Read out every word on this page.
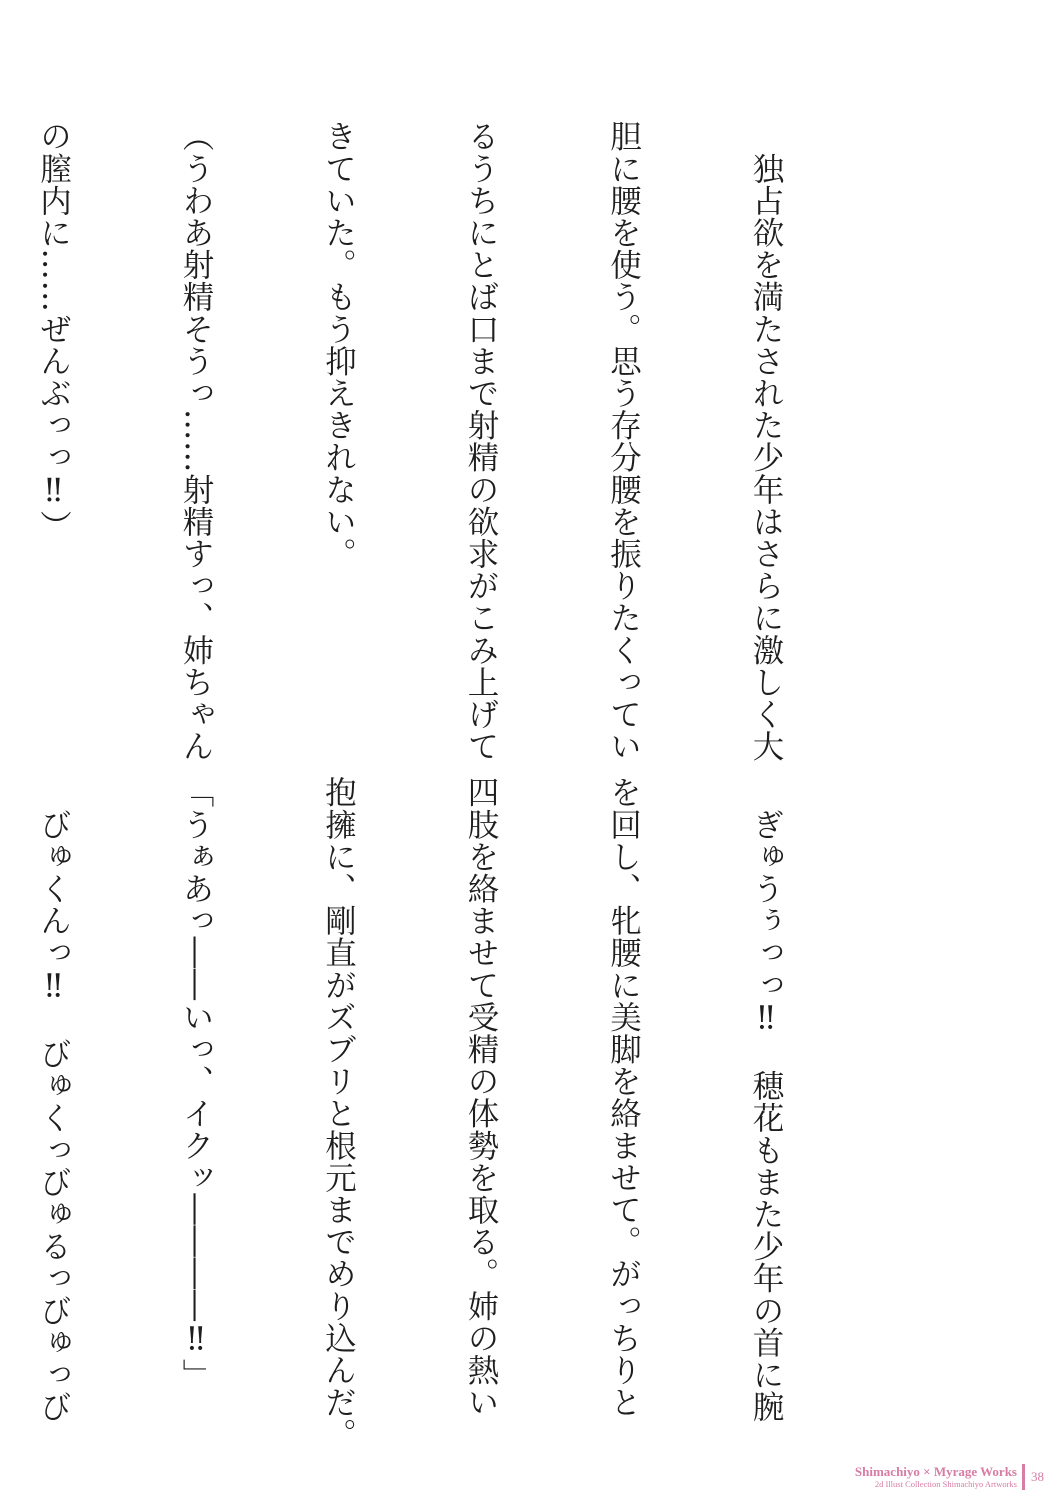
　独占欲を満たされた少年はさらに激しく大

胆に腰を使う。思う存分腰を振りたくってい

るうちにとば口まで射精の欲求がこみ上げて

きていた。もう抑えきれない。

（うわあ射精そうっ……射精すっ、姉ちゃん

の膣内に……ぜんぶっっ‼）

　ぎゅうぅっっ‼　穂花もまた少年の首に腕

を回し、牝腰に美脚を絡ませて。がっちりと

四肢を絡ませて受精の体勢を取る。姉の熱い

抱擁に、剛直がズブリと根元までめり込んだ。

「うぁあっ――いっ、イクッ――――‼」

　びゅくんっ‼　びゅくっびゅるっびゅっび

Shimachiyo × Myrage Works
2d Illust Collection Shimachiyo Artworks 38
